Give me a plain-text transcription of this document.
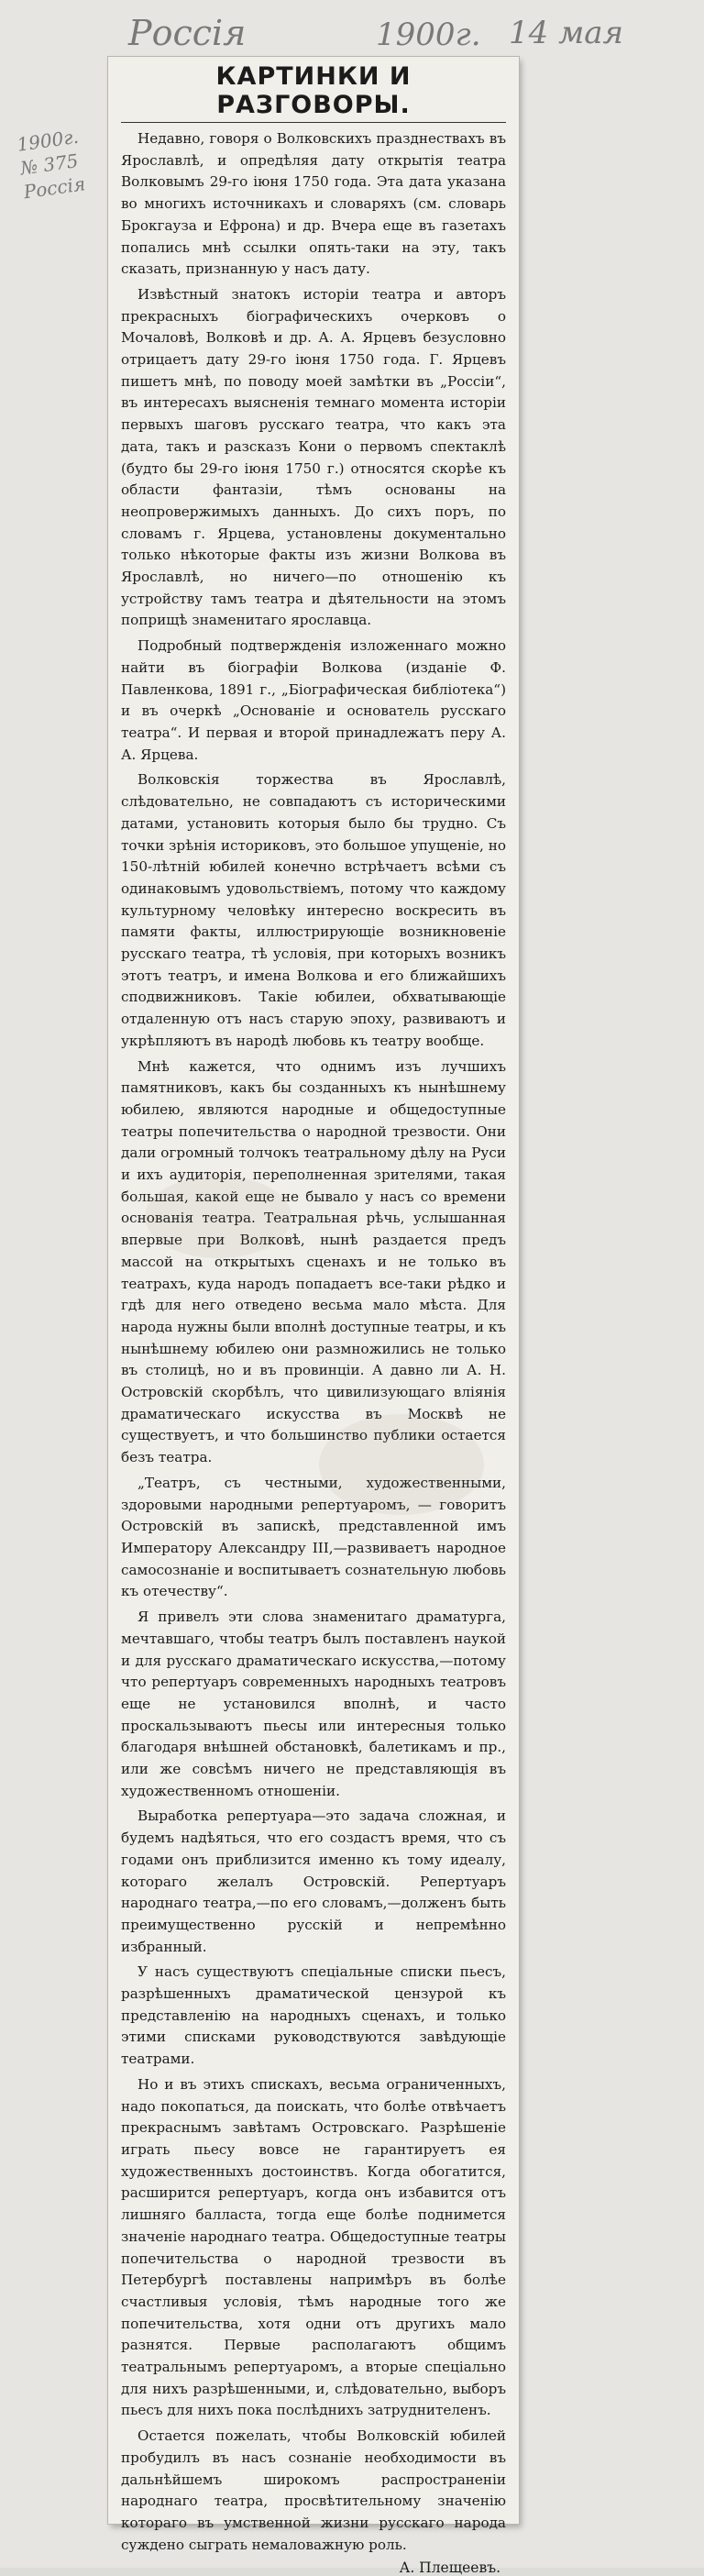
Россія	1900г. 14 мая
1900г.
№ 375
Россія
КАРТИНКИ И РАЗГОВОРЫ.

Недавно, говоря о Волковскихъ празднествахъ въ Ярославлѣ, и опредѣляя дату открытія театра Волковымъ 29-го іюня 1750 года. Эта дата указана во многихъ источникахъ и словаряхъ (см. словарь Брокгауза и Ефрона) и др. Вчера еще въ газетахъ попались мнѣ ссылки опять-таки на эту, такъ сказать, признанную у насъ дату.

Извѣстный знатокъ исторіи театра и авторъ прекрасныхъ біографическихъ очерковъ о Мочаловѣ, Волковѣ и др. А. А. Ярцевъ безусловно отрицаетъ дату 29-го іюня 1750 года. Г. Ярцевъ пишетъ мнѣ, по поводу моей замѣтки въ „Россіи“, въ интересахъ выясненія темнаго момента исторіи первыхъ шаговъ русскаго театра, что какъ эта дата, такъ и разсказъ Кони о первомъ спектаклѣ (будто бы 29-го іюня 1750 г.) относятся скорѣе къ области фантазіи, тѣмъ основаны на неопровержимыхъ данныхъ. До сихъ поръ, по словамъ г. Ярцева, установлены документально только нѣкоторые факты изъ жизни Волкова въ Ярославлѣ, но ничего—по отношенію къ устройству тамъ театра и дѣятельности на этомъ поприщѣ знаменитаго ярославца.

Подробный подтвержденія изложеннаго можно найти въ біографіи Волкова (изданіе Ф. Павленкова, 1891 г., „Біографическая библіотека“) и въ очеркѣ „Основаніе и основатель русскаго театра“. И первая и второй принадлежатъ перу А. А. Ярцева.

Волковскія торжества въ Ярославлѣ, слѣдовательно, не совпадаютъ съ историческими датами, установить которыя было бы трудно. Съ точки зрѣнія историковъ, это большое упущеніе, но 150-лѣтній юбилей конечно встрѣчаетъ всѣми съ одинаковымъ удовольствіемъ, потому что каждому культурному человѣку интересно воскресить въ памяти факты, иллюстрирующіе возникновеніе русскаго театра, тѣ условія, при которыхъ возникъ этотъ театръ, и имена Волкова и его ближайшихъ сподвижниковъ. Такіе юбилеи, обхватывающіе отдаленную отъ насъ старую эпоху, развиваютъ и укрѣпляютъ въ народѣ любовь къ театру вообще.

Мнѣ кажется, что однимъ изъ лучшихъ памятниковъ, какъ бы созданныхъ къ нынѣшнему юбилею, являются народные и общедоступные театры попечительства о народной трезвости. Они дали огромный толчокъ театральному дѣлу на Руси и ихъ аудиторія, переполненная зрителями, такая большая, какой еще не бывало у насъ со времени основанія театра. Театральная рѣчь, услышанная впервые при Волковѣ, нынѣ раздается предъ массой на открытыхъ сценахъ и не только въ театрахъ, куда народъ попадаетъ все-таки рѣдко и гдѣ для него отведено весьма мало мѣста. Для народа нужны были вполнѣ доступные театры, и къ нынѣшнему юбилею они размножились не только въ столицѣ, но и въ провинціи. А давно ли А. Н. Островскій скорбѣлъ, что цивилизующаго вліянія драматическаго искусства въ Москвѣ не существуетъ, и что большинство публики остается безъ театра.

„Театръ, съ честными, художественными, здоровыми народными репертуаромъ, — говоритъ Островскій въ запискѣ, представленной имъ Императору Александру III,—развиваетъ народное самосознаніе и воспитываетъ сознательную любовь къ отечеству“.

Я привелъ эти слова знаменитаго драматурга, мечтавшаго, чтобы театръ былъ поставленъ наукой и для русскаго драматическаго искусства,—потому что репертуаръ современныхъ народныхъ театровъ еще не установился вполнѣ, и часто проскальзываютъ пьесы или интересныя только благодаря внѣшней обстановкѣ, балетикамъ и пр., или же совсѣмъ ничего не представляющія въ художественномъ отношеніи.

Выработка репертуара—это задача сложная, и будемъ надѣяться, что его создастъ время, что съ годами онъ приблизится именно къ тому идеалу, котораго желалъ Островскій. Репертуаръ народнаго театра,—по его словамъ,—долженъ быть преимущественно русскій и непремѣнно избранный.

У насъ существуютъ спеціальные списки пьесъ, разрѣшенныхъ драматической цензурой къ представленію на народныхъ сценахъ, и только этими списками руководствуются завѣдующіе театрами.

Но и въ этихъ спискахъ, весьма ограниченныхъ, надо покопаться, да поискать, что болѣе отвѣчаетъ прекраснымъ завѣтамъ Островскаго. Разрѣшеніе играть пьесу вовсе не гарантируетъ ея художественныхъ достоинствъ. Когда обогатится, расширится репертуаръ, когда онъ избавится отъ лишняго балласта, тогда еще болѣе поднимется значеніе народнаго театра. Общедоступные театры попечительства о народной трезвости въ Петербургѣ поставлены напримѣръ въ болѣе счастливыя условія, тѣмъ народные того же попечительства, хотя одни отъ другихъ мало разнятся. Первые располагаютъ общимъ театральнымъ репертуаромъ, а вторые спеціально для нихъ разрѣшенными, и, слѣдовательно, выборъ пьесъ для нихъ пока послѣднихъ затруднителенъ.

Остается пожелать, чтобы Волковскій юбилей пробудилъ въ насъ сознаніе необходимости въ дальнѣйшемъ широкомъ распространеніи народнаго театра, просвѣтительному значенію котораго въ умственной жизни русскаго народа суждено сыграть немаловажную роль.

А. Плещеевъ.
